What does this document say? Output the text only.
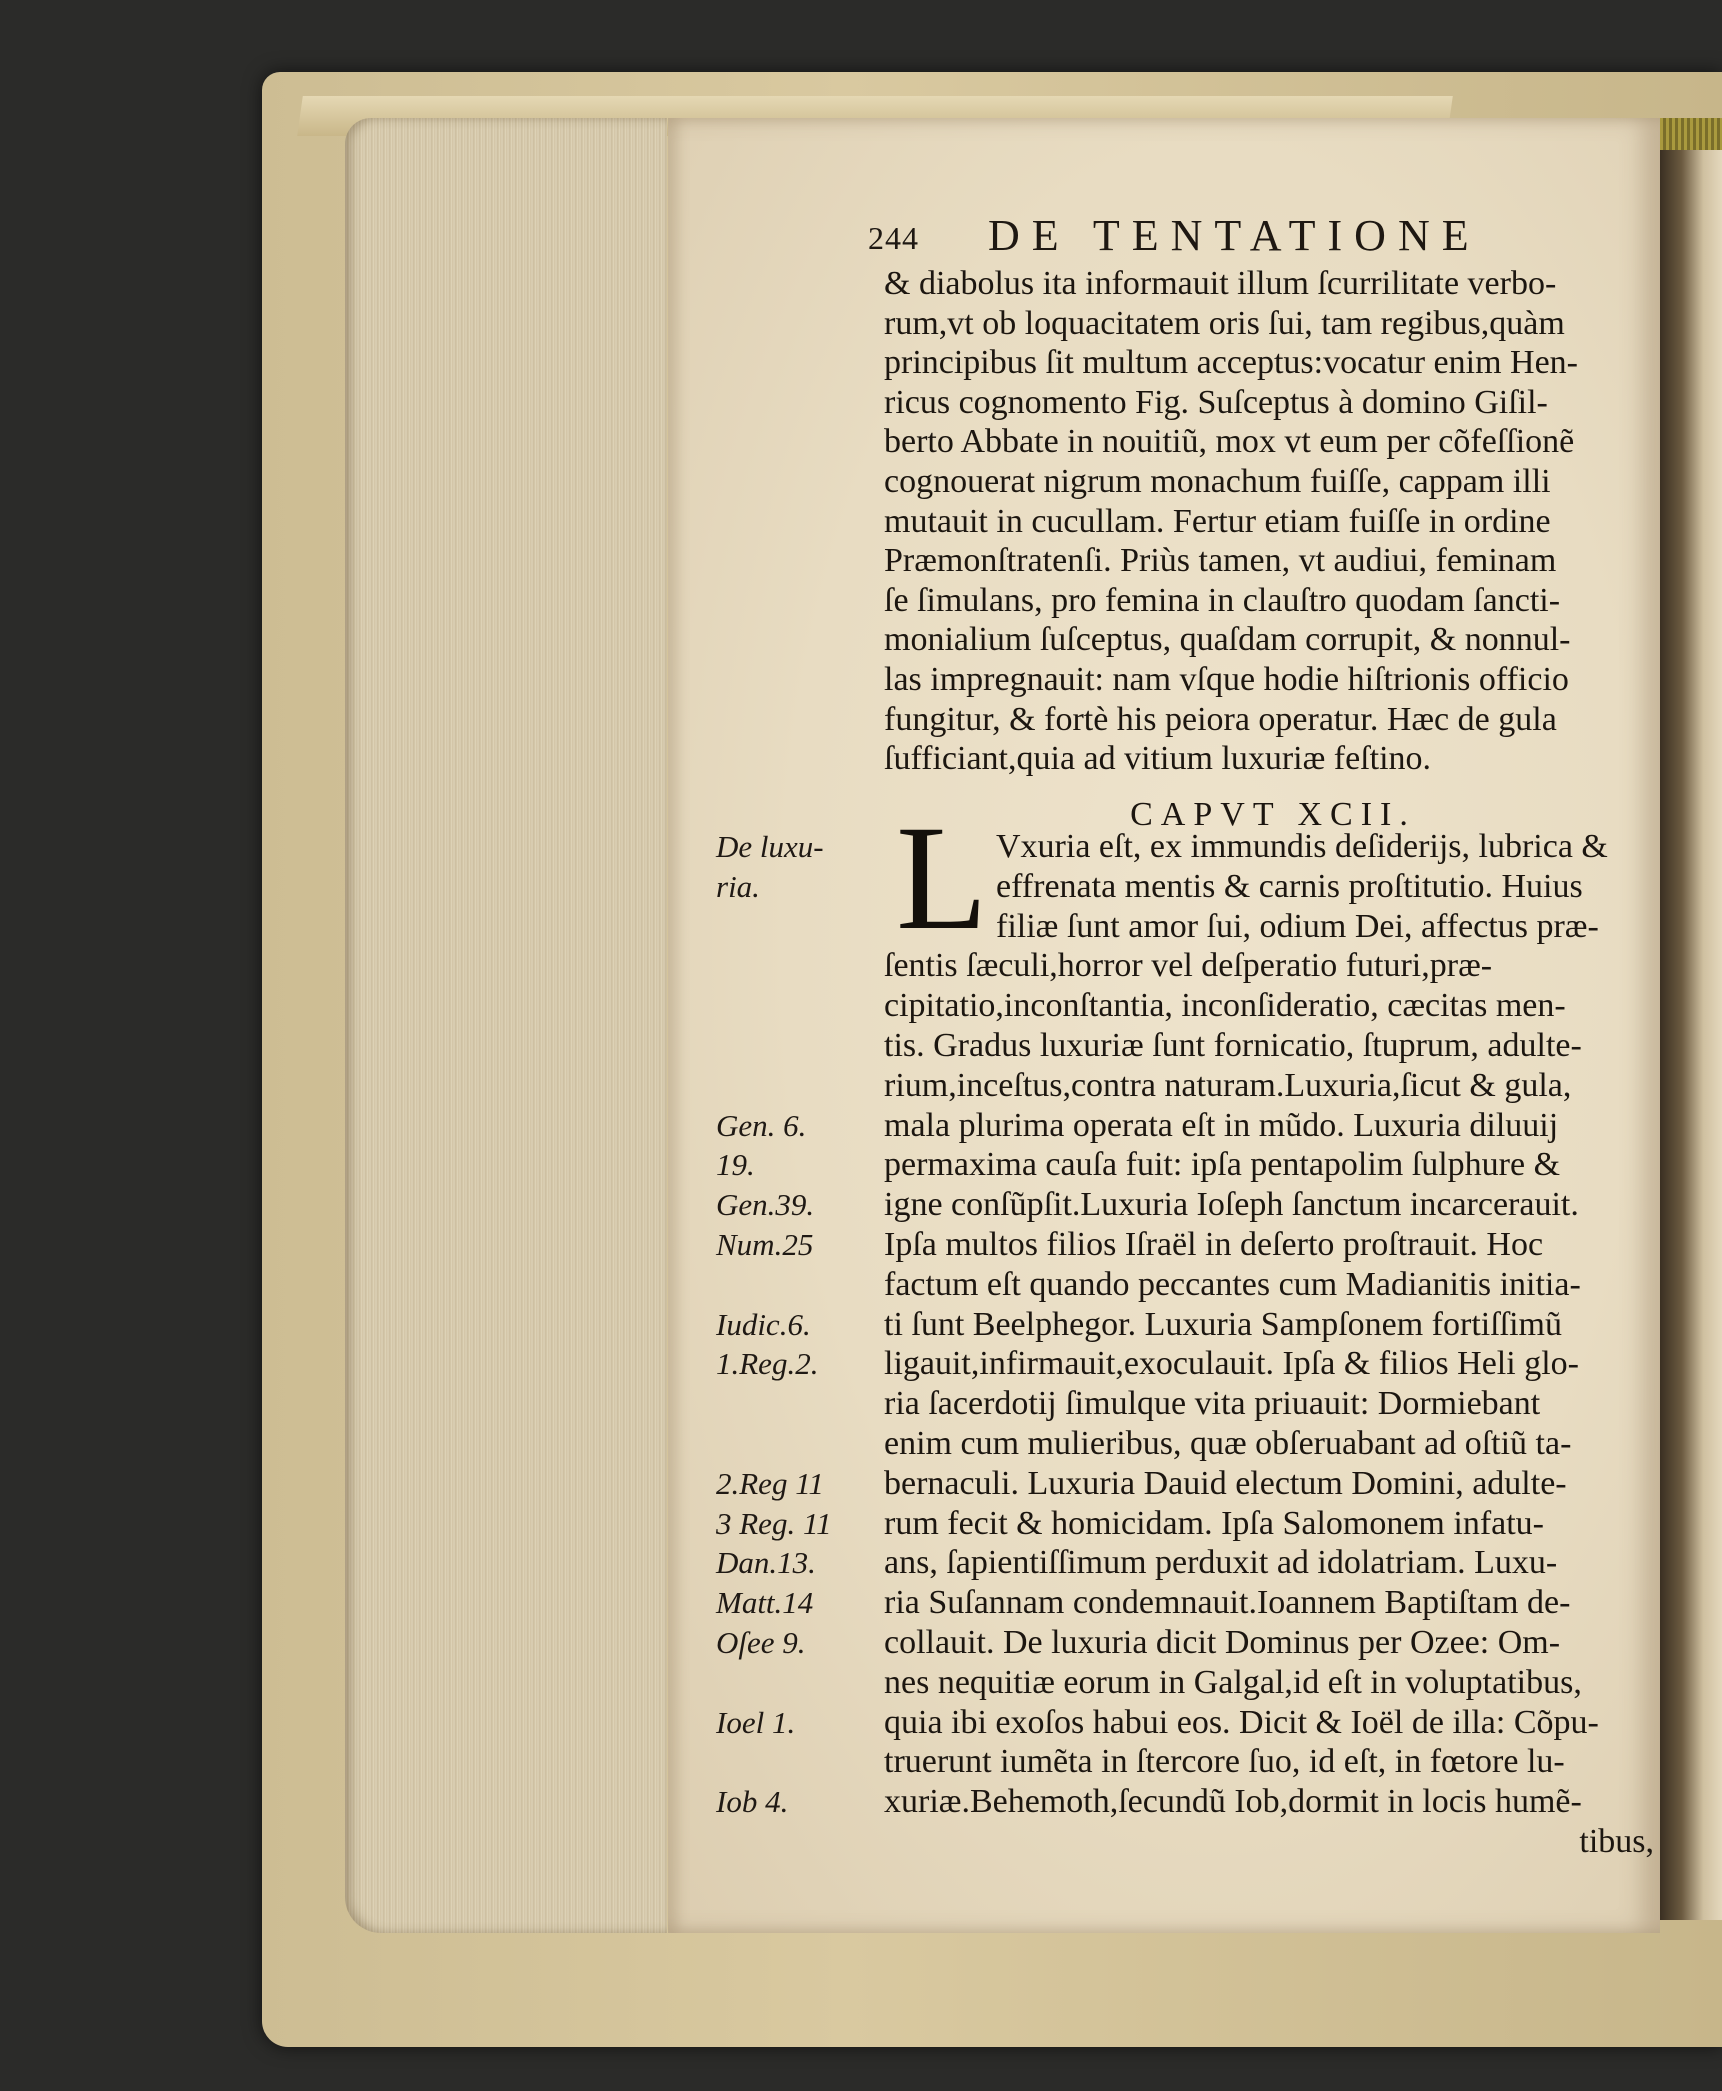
244 DE TENTATIONE
& diabolus ita informauit illum ſcurrilitate verbo-
rum,vt ob loquacitatem oris ſui, tam regibus,quàm
principibus ſit multum acceptus:vocatur enim Hen-
ricus cognomento Fig. Suſceptus à domino Giſil-
berto Abbate in nouitiũ, mox vt eum per cõfeſſionẽ
cognouerat nigrum monachum fuiſſe, cappam illi
mutauit in cucullam. Fertur etiam fuiſſe in ordine
Præmonſtratenſi. Priùs tamen, vt audiui, feminam
ſe ſimulans, pro femina in clauſtro quodam ſancti-
monialium ſuſceptus, quaſdam corrupit, & nonnul-
las impregnauit: nam vſque hodie hiſtrionis officio
fungitur, & fortè his peiora operatur. Hæc de gula
ſufficiant,quia ad vitium luxuriæ feſtino.
CAPVT XCII.
L Vxuria eſt, ex immundis deſiderijs, lubrica &
effrenata mentis & carnis proſtitutio. Huius
filiæ ſunt amor ſui, odium Dei, affectus præ-
ſentis ſæculi,horror vel deſperatio futuri,præ-
cipitatio,inconſtantia, inconſideratio, cæcitas men-
tis. Gradus luxuriæ ſunt fornicatio, ſtuprum, adulte-
rium,inceſtus,contra naturam.Luxuria,ſicut & gula,
mala plurima operata eſt in mũdo. Luxuria diluuij
permaxima cauſa fuit: ipſa pentapolim ſulphure &
igne conſũpſit.Luxuria Ioſeph ſanctum incarcerauit.
Ipſa multos filios Iſraël in deſerto proſtrauit. Hoc
factum eſt quando peccantes cum Madianitis initia-
ti ſunt Beelphegor. Luxuria Sampſonem fortiſſimũ
ligauit,infirmauit,exoculauit. Ipſa & filios Heli glo-
ria ſacerdotij ſimulque vita priuauit: Dormiebant
enim cum mulieribus, quæ obſeruabant ad oſtiũ ta-
bernaculi. Luxuria Dauid electum Domini, adulte-
rum fecit & homicidam. Ipſa Salomonem infatu-
ans, ſapientiſſimum perduxit ad idolatriam. Luxu-
ria Suſannam condemnauit.Ioannem Baptiſtam de-
collauit. De luxuria dicit Dominus per Ozee: Om-
nes nequitiæ eorum in Galgal,id eſt in voluptatibus,
quia ibi exoſos habui eos. Dicit & Ioël de illa: Cõpu-
truerunt iumẽta in ſtercore ſuo, id eſt, in fœtore lu-
xuriæ.Behemoth,ſecundũ Iob,dormit in locis humẽ-
tibus,
De luxu-
ria.
Gen. 6.
19.
Gen.39.
Num.25
Iudic.6.
1.Reg.2.
2.Reg 11
3 Reg. 11
Dan.13.
Matt.14
Oſee 9.
Ioel 1.
Iob 4.
